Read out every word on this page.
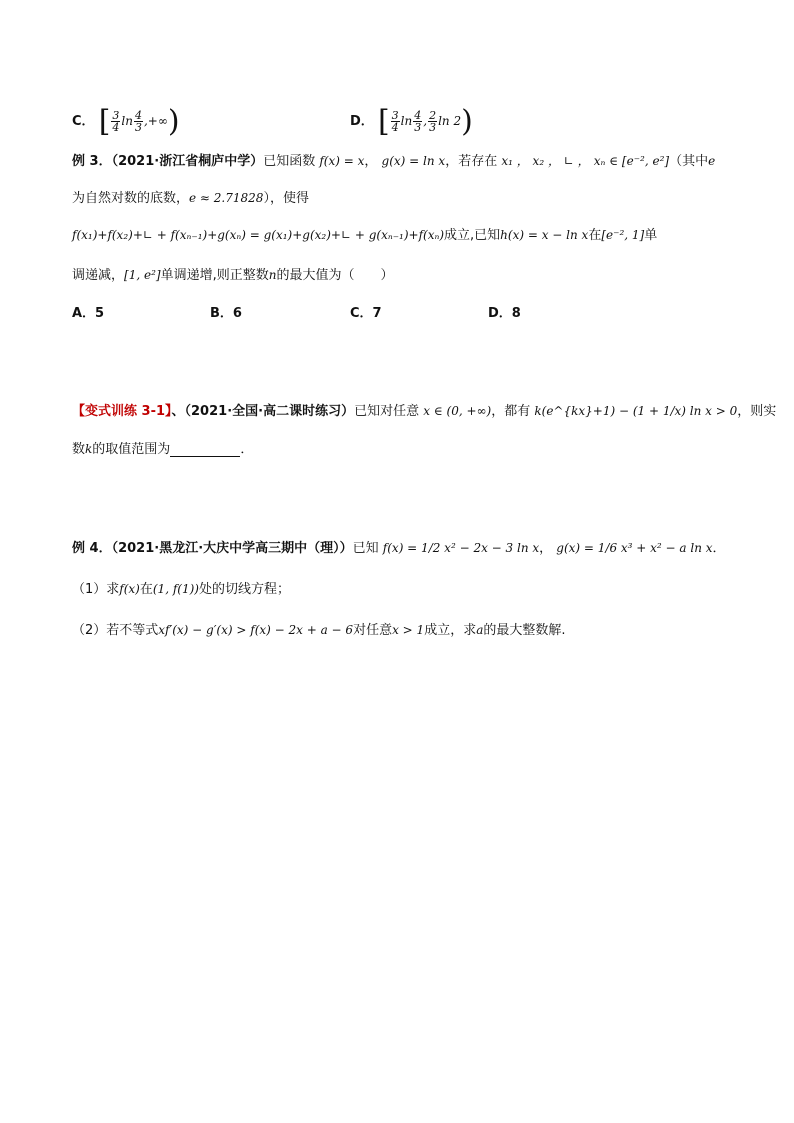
C． [ $\frac{3}{4}$ $\ln \frac{4}{3}$ ,+∞)	D． [ $\frac{3}{4}$ $\ln \frac{4}{3}$ , $\frac{2}{3}$ ln 2)
例 3．（2021·浙江省桐庐中学）已知函数 f(x) = x， g(x) = ln x，若存在 x₁ ， x₂ ， ∟ ， xₙ ∈ [e⁻², e²]（其中e
为自然对数的底数，e ≈ 2.71828），使得
f(x₁)+f(x₂)+∟ + f(xₙ₋₁)+g(xₙ) = g(x₁)+g(x₂)+∟ + g(xₙ₋₁)+f(xₙ)成立,已知h(x) = x − ln x在[e⁻², 1]单
调递减，[1, e²]单调递增,则正整数n的最大值为（　　）
A．5	B．6	C．7	D．8
【变式训练 3-1】、（2021·全国·高二课时练习）已知对任意 x ∈ (0, +∞)，都有 k(e^{kx}+1) − (1 + 1/x) ln x > 0，则实
数k的取值范围为	．
例 4．（2021·黑龙江·大庆中学高三期中（理））已知 f(x) = 1/2 x² − 2x − 3 ln x， g(x) = 1/6 x³ + x² − a ln x．
（1）求f(x)在(1, f(1))处的切线方程；
（2）若不等式xf′(x) − g′(x) > f(x) − 2x + a − 6对任意x > 1成立，求a的最大整数解.
